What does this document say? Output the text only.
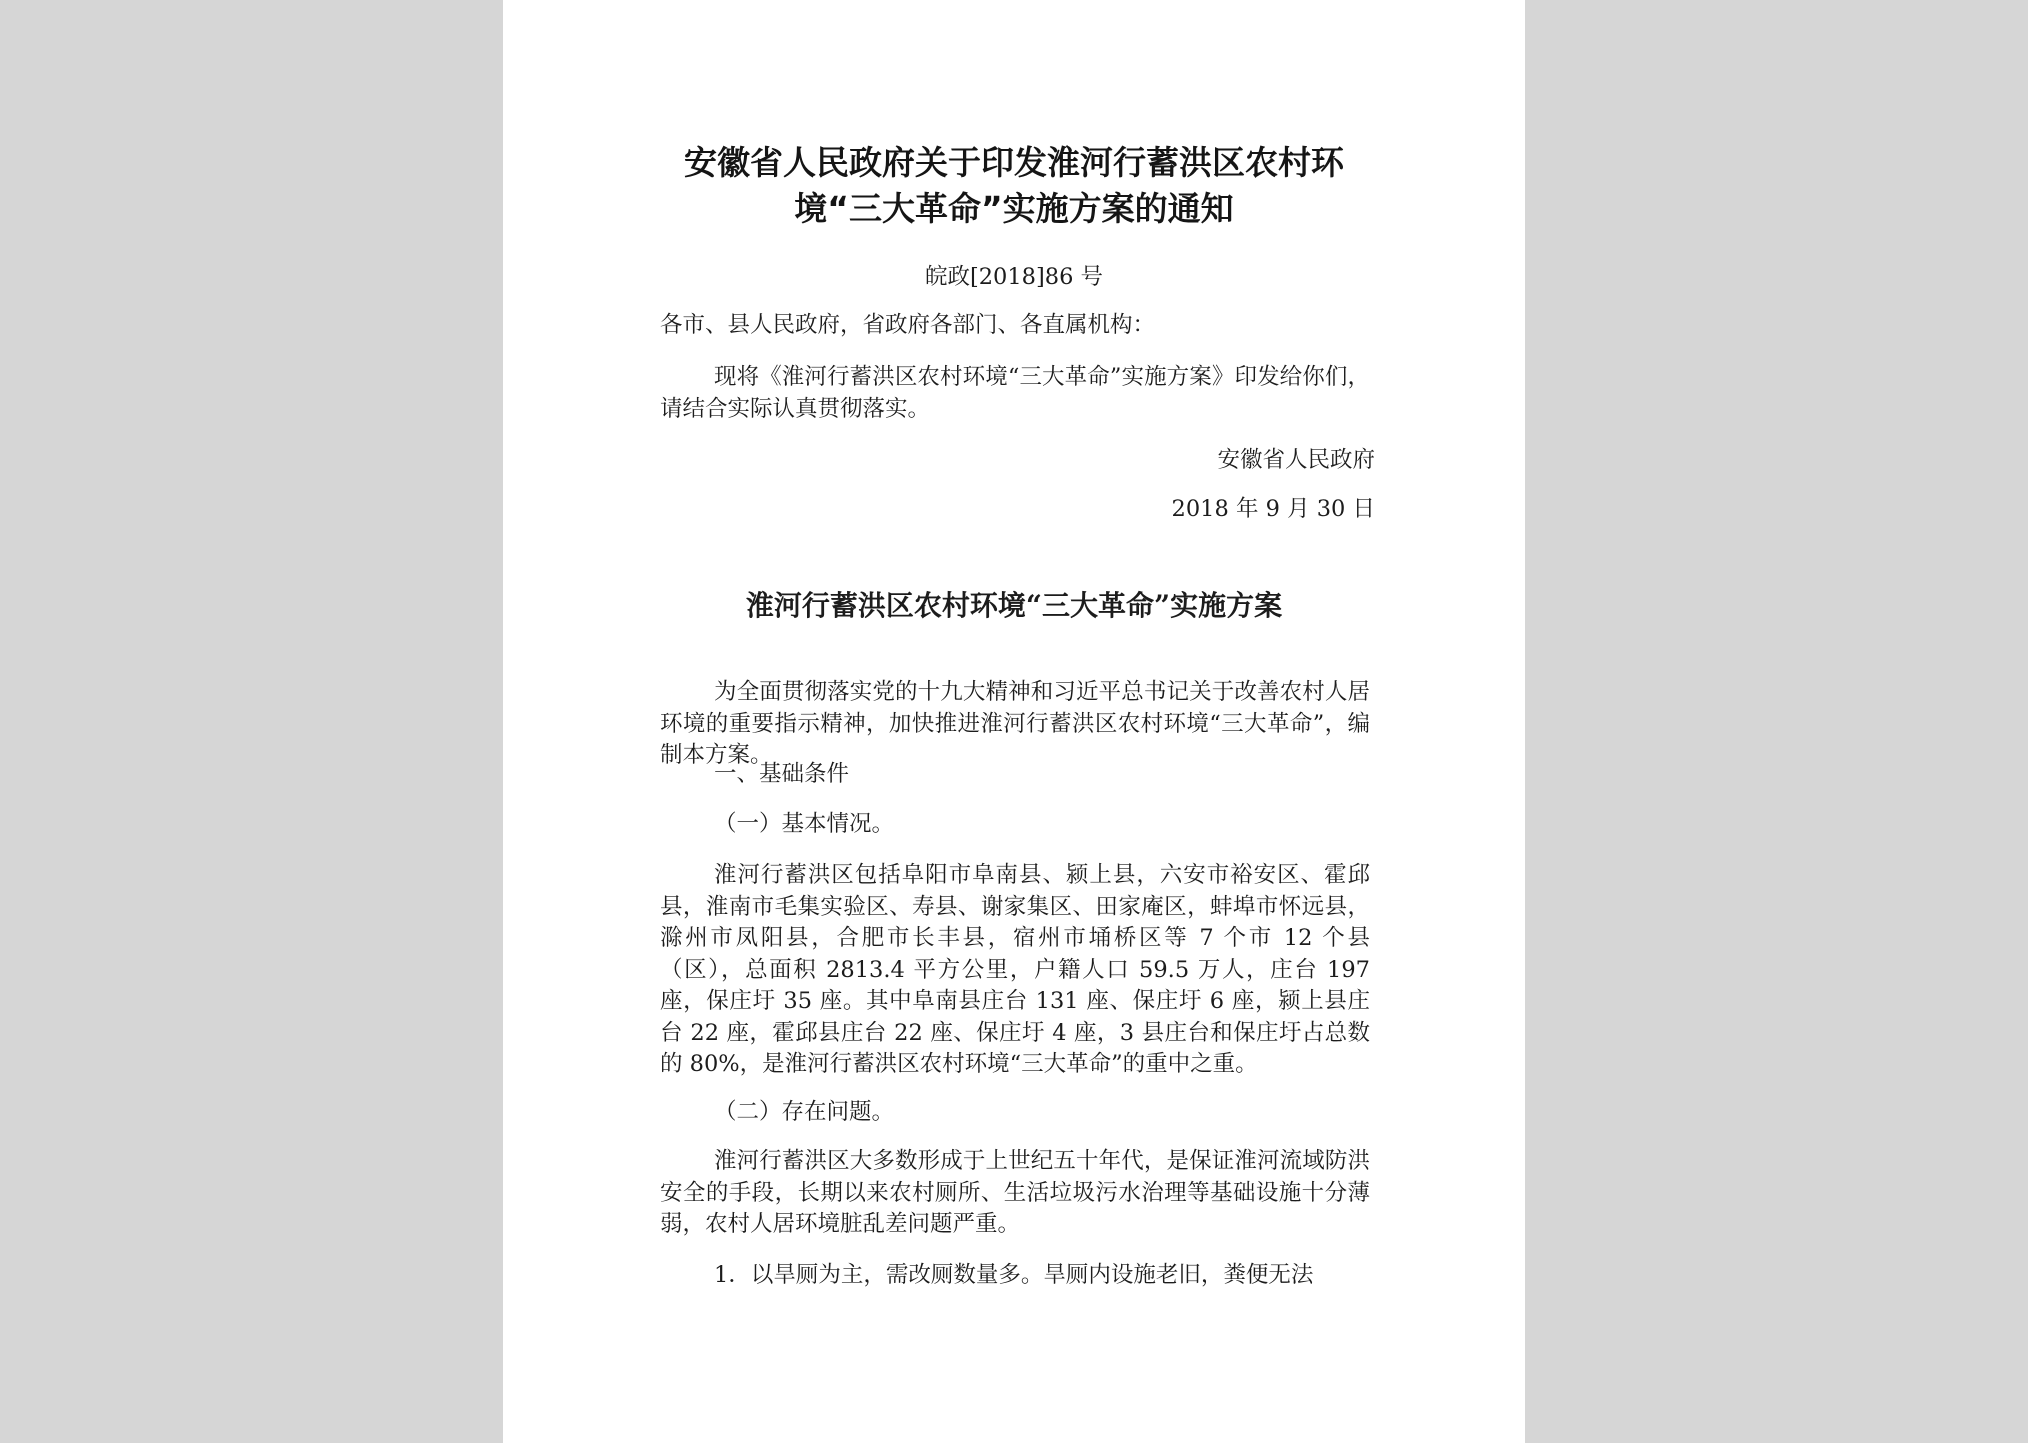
安徽省人民政府关于印发淮河行蓄洪区农村环
境“三大革命”实施方案的通知

皖政[2018]86 号

各市、县人民政府，省政府各部门、各直属机构：

现将《淮河行蓄洪区农村环境“三大革命”实施方案》印发给你们，请结合实际认真贯彻落实。

安徽省人民政府

2018 年 9 月 30 日

淮河行蓄洪区农村环境“三大革命”实施方案

为全面贯彻落实党的十九大精神和习近平总书记关于改善农村人居环境的重要指示精神，加快推进淮河行蓄洪区农村环境“三大革命”，编制本方案。

一、基础条件

（一）基本情况。

淮河行蓄洪区包括阜阳市阜南县、颍上县，六安市裕安区、霍邱县，淮南市毛集实验区、寿县、谢家集区、田家庵区，蚌埠市怀远县，滁州市凤阳县，合肥市长丰县，宿州市埇桥区等 7 个市 12 个县（区），总面积 2813.4 平方公里，户籍人口 59.5 万人，庄台 197 座，保庄圩 35 座。其中阜南县庄台 131 座、保庄圩 6 座，颍上县庄台 22 座，霍邱县庄台 22 座、保庄圩 4 座，3 县庄台和保庄圩占总数的 80%，是淮河行蓄洪区农村环境“三大革命”的重中之重。

（二）存在问题。

淮河行蓄洪区大多数形成于上世纪五十年代，是保证淮河流域防洪安全的手段，长期以来农村厕所、生活垃圾污水治理等基础设施十分薄弱，农村人居环境脏乱差问题严重。

1．以旱厕为主，需改厕数量多。旱厕内设施老旧，粪便无法
